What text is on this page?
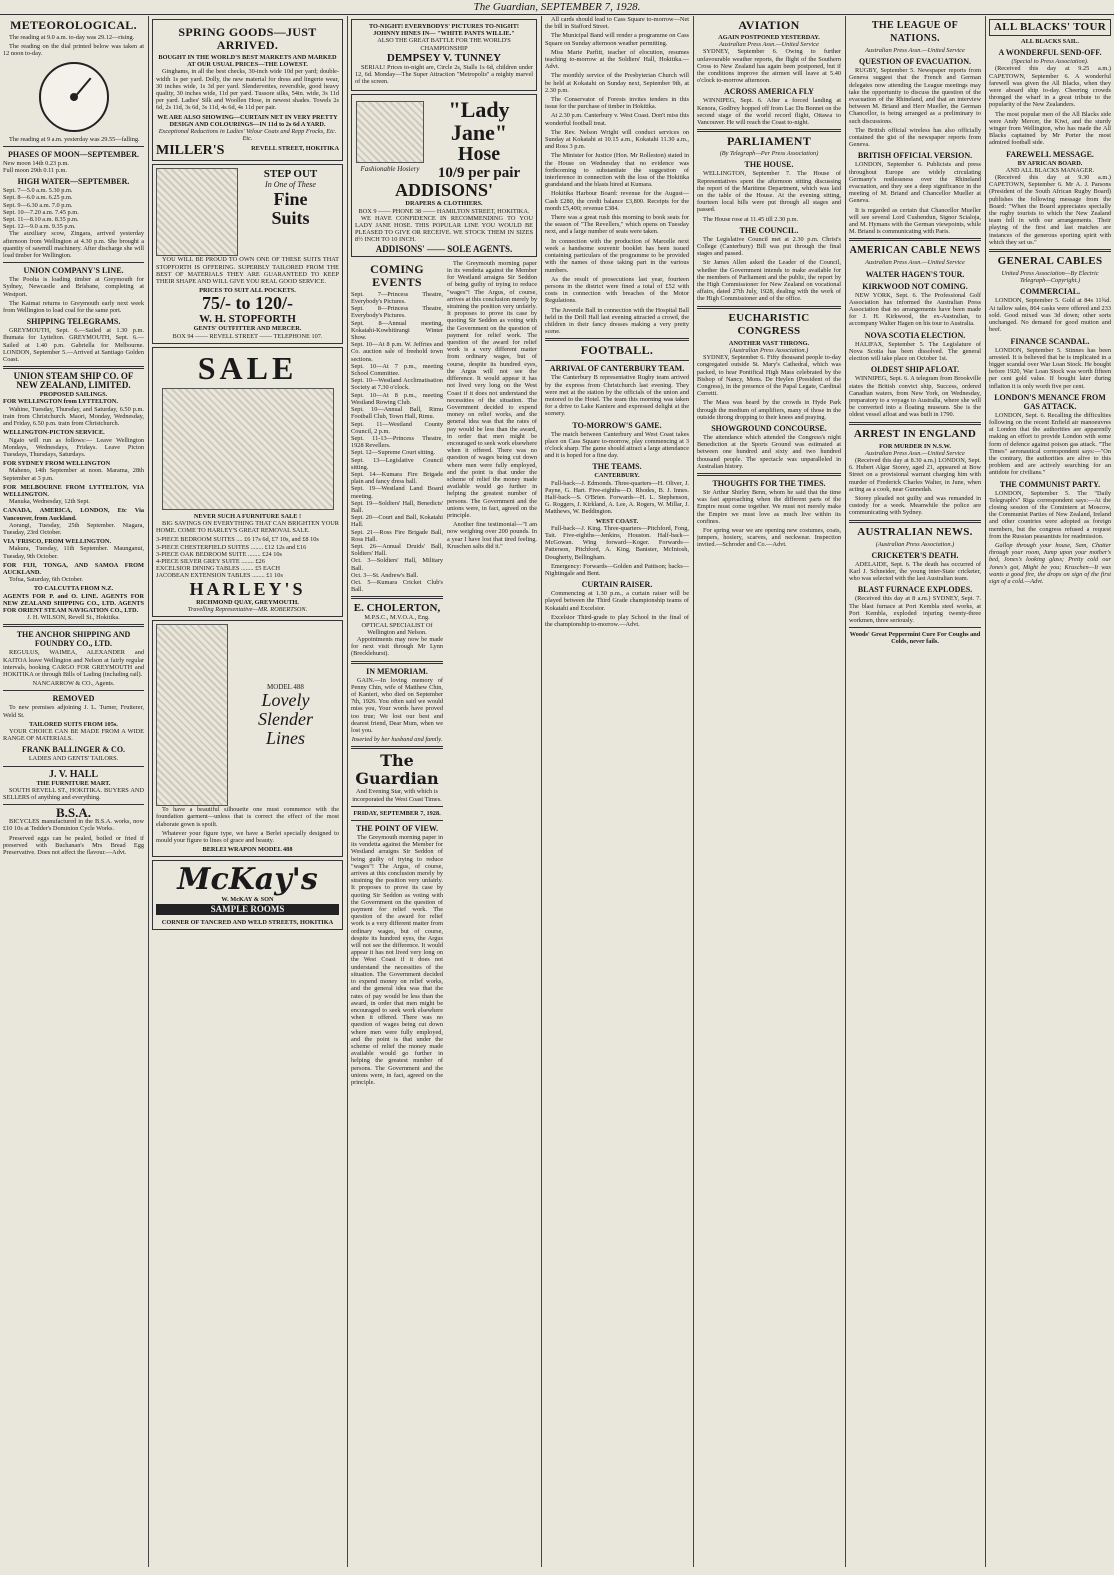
The Guardian, SEPTEMBER 7, 1928.
METEOROLOGICAL.

The reading at 9.0 a.m. to-day was 29.12—rising.

The reading on the dial printed below was taken at 12 noon to-day.

The reading at 9 a.m. yesterday was 29.55—falling.

PHASES OF MOON—SEPTEMBER.
New moon 14th 0.23 p.m.
Full moon 29th 0.11 p.m.
HIGH WATER—SEPTEMBER.
Sept. 7—5.0 a.m. 5.30 p.m.
Sept. 8—6.0 a.m. 6.25 p.m.
Sept. 9—6.30 a.m. 7.0 p.m.
Sept. 10—7.20 a.m. 7.45 p.m.
Sept. 11—8.10 a.m. 8.35 p.m.
Sept. 12—9.0 a.m. 9.35 p.m.

The auxiliary scow, Zingara, arrived yesterday afternoon from Wellington at 4.30 p.m. She brought a quantity of sawmill machinery. After discharge she will load timber for Wellington.

UNION COMPANY'S LINE.

The Poolta is loading timber at Greymouth for Sydney, Newcastle and Brisbane, completing at Westport.

The Kaimai returns to Greymouth early next week from Wellington to load coal for the same port.

SHIPPING TELEGRAMS.

GREYMOUTH, Sept. 6.—Sailed at 1.30 p.m. Ihumata for Lyttelton. GREYMOUTH, Sept. 6.—Sailed at 1.40 p.m. Gabriella for Melbourne. LONDON, September 5.—Arrived at Santiago Golden Coast.

UNION STEAM SHIP CO. OF NEW ZEALAND, LIMITED.
PROPOSED SAILINGS.
FOR WELLINGTON from LYTTELTON.

Wahine, Tuesday, Thursday, and Saturday, 6.50 p.m. train from Christchurch. Maori, Monday, Wednesday, and Friday, 6.50 p.m. train from Christchurch.

WELLINGTON-PICTON SERVICE.

Ngaio will run as follows:— Leave Wellington Mondays, Wednesdays, Fridays. Leave Picton Tuesdays, Thursdays, Saturdays.

FOR SYDNEY FROM WELLINGTON

Maheno, 14th September at noon. Marama, 28th September at 3 p.m.

FOR MELBOURNE FROM LYTTELTON, VIA WELLINGTON.

Manuka, Wednesday, 12th Sept.

CANADA, AMERICA, LONDON, Etc Via Vancouver, from Auckland.

Aorangi, Tuesday, 25th September. Niagara, Tuesday, 23rd October.

VIA 'FRISCO, FROM WELLINGTON.

Makura, Tuesday, 11th September. Maunganui, Tuesday, 9th October.

FOR FIJI, TONGA, AND SAMOA FROM AUCKLAND.

Tofua, Saturday, 6th October.

TO CALCUTTA FROM N.Z.
AGENTS FOR P. and O. LINE. AGENTS FOR NEW ZEALAND SHIPPING CO., LTD. AGENTS FOR ORIENT STEAM NAVIGATION CO., LTD.
J. H. WILSON, Revell St., Hokitika.
THE ANCHOR SHIPPING AND FOUNDRY CO., LTD.

REGULUS, WAIMEA, ALEXANDER and KAITOA leave Wellington and Nelson at fairly regular intervals, booking CARGO FOR GREYMOUTH and HOKITIKA or through Bills of Lading (including rail).

NANCARROW & CO., Agents.
REMOVED

To new premises adjoining J. L. Turner, Fruiterer, Weld St.

TAILORED SUITS FROM 105s.

YOUR CHOICE CAN BE MADE FROM A WIDE RANGE OF MATERIALS.

FRANK BALLINGER & CO.
LADIES AND GENTS' TAILORS.
J. V. HALL
THE FURNITURE MART.

SOUTH REVELL ST., HOKITIKA. BUYERS AND SELLERS of anything and everything.

B.S.A.

BICYCLES manufactured in the B.S.A. works, now £10 10s at Tedder's Dominion Cycle Works.

Preserved eggs can be pealed, boiled or fried if preserved with Buchanan's Mrs Bread Egg Preservative. Does not affect the flavour.—Advt.

SPRING GOODS—JUST ARRIVED.
BOUGHT IN THE WORLD'S BEST MARKETS AND MARKED AT OUR USUAL PRICES—THE LOWEST.

Ginghams, in all the best checks, 30-inch wide 10d per yard; double-width 1s per yard. Dolly, the new material for dress and lingerie wear, 30 inches wide, 1s 3d per yard. Slendervettes, reversible, good heavy quality, 30 inches wide, 11d per yard. Tussore silks, 54in. wide, 3s 11d per yard. Ladies' Silk and Woollen Hose, in newest shades. Towels 2s 6d, 2s 11d, 3s 6d, 3s 11d, 4s 6d, 4s 11d per pair.

WE ARE ALSO SHOWING—CURTAIN NET IN VERY PRETTY DESIGN AND COLOURINGS—IN 11d to 2s 6d A YARD.
Exceptional Reductions in Ladies' Velour Coats and Repp Frocks, Etc. Etc.
MILLER'S	REVELL STREET, HOKITIKA
STEP OUT
In One of These
Fine
Suits

YOU WILL BE PROUD TO OWN ONE OF THESE SUITS THAT STOPFORTH IS OFFERING. SUPERBLY TAILORED FROM THE BEST OF MATERIALS THEY ARE GUARANTEED TO KEEP THEIR SHAPE AND WILL GIVE YOU REAL GOOD SERVICE.

PRICES TO SUIT ALL POCKETS.
75/- to 120/-
W. H. STOPFORTH
GENTS' OUTFITTER AND MERCER.
BOX 94 —— REVELL STREET —— TELEPHONE 107.
SALE
NEVER SUCH A FURNITURE SALE !

BIG SAVINGS ON EVERYTHING THAT CAN BRIGHTEN YOUR HOME. COME TO HARLEY'S GREAT REMOVAL SALE.

3-PIECE BEDROOM SUITES .... £6 17s 6d, £7 10s, and £8 10s
3-PIECE CHESTERFIELD SUITES ........ £12 12s and £16
3-PIECE OAK BEDROOM SUITE ........ £24 10s
4-PIECE SILVER GREY SUITE ........ £26
EXCELSIOR DINING TABLES ........ £5 EACH
JACOBEAN EXTENSION TABLES ........ £1 10s
HARLEY'S
RICHMOND QUAY, GREYMOUTH.
Travelling Representative—MR. ROBERTSON.
MODEL 488
Lovely
Slender
Lines

To have a beautiful silhouette one must commence with the foundation garment—unless that is correct the effect of the most elaborate gown is spoilt.

Whatever your figure type, we have a Berlei specially designed to mould your figure to lines of grace and beauty.

BERLEI WRAPON MODEL 488
McKay's
W. McKAY & SON
SAMPLE ROOMS
CORNER OF TANCRED AND WELD STREETS, HOKITIKA
TO-NIGHT! EVERYBODYS' PICTURES TO-NIGHT!
JOHNNY HINES IN— "WHITE PANTS WILLIE."
ALSO THE GREAT BATTLE FOR THE WORLD'S CHAMPIONSHIP
DEMPSEY V. TUNNEY

SERIAL! Prices to-night are, Circle 2s, Stalls 1s 6d, children under 12, 6d. Monday—The Super Attraction "Metropolis" a mighty marvel of the screen.

Fashionable Hosiery
"Lady Jane"
Hose
10/9 per pair
ADDISONS'
DRAPERS & CLOTHIERS.
BOX 9 —— PHONE 38 —— HAMILTON STREET, HOKITIKA.

WE HAVE CONFIDENCE IN RECOMMENDING TO YOU LADY JANE HOSE. THIS POPULAR LINE YOU WOULD BE PLEASED TO GIVE OR RECEIVE. WE STOCK THEM IN SIZES 8½ INCH TO 10 INCH.

ADDISONS' —— SOLE AGENTS.
COMING EVENTS
Sept. 7—Princess Theatre, Everybody's Pictures.
Sept. 8—Princess Theatre, Everybody's Pictures.
Sept. 8—Annual meeting, Kokatahi-Kowhitirangi Winter Show.
Sept. 10—At 8 p.m. W. Jeffries and Co. auction sale of freehold town sections.
Sept. 10—At 7 p.m., meeting School Committee.
Sept. 10—Westland Acclimatisation Society at 7.30 o'clock.
Sept. 10—At 8 p.m., meeting Westland Rowing Club.
Sept. 10—Annual Ball, Rimu Football Club, Town Hall, Rimu.
Sept. 11—Westland County Council, 2 p.m.
Sept. 11-13—Princess Theatre, 1928 Revellers.
Sept. 12—Supreme Court sitting.
Sept. 13—Legislative Council sitting.
Sept. 14—Kumara Fire Brigade plain and fancy dress ball.
Sept. 19—Westland Land Board meeting.
Sept. 19—Soldiers' Hall, Benedicts' Ball.
Sept. 20—Court and Ball, Kokatahi Hall.
Sept. 21—Ross Fire Brigade Ball, Ross Hall.
Sept. 26—Annual Druids' Ball, Soldiers' Hall.
Oct. 3—Soldiers' Hall, Military Ball.
Oct. 3—St. Andrew's Ball.
Oct. 5—Kumara Cricket Club's Ball.
E. CHOLERTON,
M.P.S.C., M.V.O.A., Eng. OPTICAL SPECIALIST Of Wellington and Nelson.

Appointments may now be made for next visit through Mr Lynn (Brecklehurst).

IN MEMORIAM.

GAIN.—In loving memory of Penny Chin, wife of Matthew Chin, of Kanieri, who died on September 7th, 1926. You often said we would miss you, Your words have proved too true; We lost our best and dearest friend, Dear Mum, when we lost you.

Inserted by her husband and family.
The Guardian
And Evening Star, with which is incorporated the West Coast Times.
FRIDAY, SEPTEMBER 7, 1928.
THE POINT OF VIEW.

The Greymouth morning paper in its vendetta against the Member for Westland arraigns Sir Seddon of being guilty of trying to reduce "wages"! The Argus, of course, arrives at this conclusion merely by straining the position very unfairly. It proposes to prove its case by quoting Sir Seddon as voting with the Government on the question of payment for relief work. The question of the award for relief work is a very different matter from ordinary wages, but of course, despite its hundred eyes, the Argus will not see the difference. It would appear it has not lived very long on the West Coast if it does not understand the necessities of the situation. The Government decided to expend money on relief works, and the general idea was that the rates of pay would be less than the award, in order that men might be encouraged to seek work elsewhere when it offered. There was no question of wages being cut down where men were fully employed, and the point is that under the scheme of relief the money made available would go further in helping the greatest number of persons. The Government and the unions were, in fact, agreed on the principle.

The Greymouth morning paper in its vendetta against the Member for Westland arraigns Sir Seddon of being guilty of trying to reduce "wages"! The Argus, of course, arrives at this conclusion merely by straining the position very unfairly. It proposes to prove its case by quoting Sir Seddon as voting with the Government on the question of payment for relief work. The question of the award for relief work is a very different matter from ordinary wages, but of course, despite its hundred eyes, the Argus will not see the difference. It would appear it has not lived very long on the West Coast if it does not understand the necessities of the situation. The Government decided to expend money on relief works, and the general idea was that the rates of pay would be less than the award, in order that men might be encouraged to seek work elsewhere when it offered. There was no question of wages being cut down where men were fully employed, and the point is that under the scheme of relief the money made available would go further in helping the greatest number of persons. The Government and the unions were, in fact, agreed on the principle.

Another fine testimonial—"I am now weighing over 200 pounds. In a year I have lost that tired feeling. Kruschen salts did it."

All cards should lead to Cass Square to-morrow—Net the bill in Stafford Street.

The Municipal Band will render a programme on Cass Square on Sunday afternoon weather permitting.

Miss Marie Parfitt, teacher of elocution, resumes teaching to-morrow at the Soldiers' Hall, Hokitika.—Advt.

The monthly service of the Presbyterian Church will be held at Kokatahi on Sunday next, September 9th, at 2.30 p.m.

The Conservator of Forests invites tenders in this issue for the purchase of timber in Hokitika.

At 2.30 p.m. Canterbury v. West Coast. Don't miss this wonderful football treat.

The Rev. Nelson Wright will conduct services on Sunday at Kokatahi at 10.15 a.m., Kokatahi 11.30 a.m., and Ross 3 p.m.

The Minister for Justice (Hon. Mr Rolleston) stated in the House on Wednesday that no evidence was forthcoming to substantiate the suggestion of interference in connection with the loss of the Hokitika grandstand and the blasts hired at Kumara.

Hokitika Harbour Board: revenue for the August—Cash £280, the credit balance £3,800. Receipts for the month £5,400; revenue £384.

There was a great rush this morning to book seats for the season of "The Revellers," which opens on Tuesday next, and a large number of seats were taken.

In connection with the production of Marcelle next week a handsome souvenir booklet has been issued containing particulars of the programme to be provided with the names of those taking part in the various numbers.

As the result of prosecutions last year, fourteen persons in the district were fined a total of £52 with costs in connection with breaches of the Motor Regulations.

The Juvenile Ball in connection with the Hospital Ball held in the Drill Hall last evening attracted a crowd, the children in their fancy dresses making a very pretty scene.

FOOTBALL.
ARRIVAL OF CANTERBURY TEAM.

The Canterbury B representative Rugby team arrived by the express from Christchurch last evening. They were met at the station by the officials of the union and motored to the Hotel. The team this morning was taken for a drive to Lake Kaniere and expressed delight at the scenery.

TO-MORROW'S GAME.

The match between Canterbury and West Coast takes place on Cass Square to-morrow, play commencing at 3 o'clock sharp. The game should attract a large attendance and it is hoped for a fine day.

THE TEAMS.
CANTERBURY.

Full-back—J. Edmonds. Three-quarters—H. Oliver, J. Payne, G. Hart. Five-eighths—D. Rhodes, B. J. Innes. Half-back—S. O'Brien. Forwards—H. L. Stephenson, G. Roggers, J. Kirkland, A. Lee, A. Rogers, W. Millar, J. Matthews, W. Beddington.

WEST COAST.

Full-back—J. King. Three-quarters—Pitchford, Fong, Tait. Five-eighths—Jenkins, Houston. Half-back—McGowan. Wing forward—Koger. Forwards—Patterson, Pitchford, A. King, Banister, McIntosh, Dougherty, Bellingham.

Emergency: Forwards—Golden and Pattison; backs—Nightingale and Bent.

CURTAIN RAISER.

Commencing at 1.30 p.m., a curtain raiser will be played between the Third Grade championship teams of Kokatahi and Excelsior.

Excelsior Third-grade to play School in the final of the championship to-morrow.—Advt.

AVIATION
AGAIN POSTPONED YESTERDAY.
Australian Press Assn.—United Service

SYDNEY, September 6. Owing to further unfavourable weather reports, the flight of the Southern Cross to New Zealand has again been postponed, but if the conditions improve the airmen will leave at 5.40 o'clock to-morrow afternoon.

ACROSS AMERICA FLY

WINNIPEG, Sept. 6. After a forced landing at Kenora, Godfrey hopped off from Lac Du Bonnet on the second stage of the world record flight, Ottawa to Vancouver. He will reach the Coast to-night.

PARLIAMENT
(By Telegraph—Per Press Association)
THE HOUSE.

WELLINGTON, September 7. The House of Representatives spent the afternoon sitting discussing the report of the Maritime Department, which was laid on the table of the House. At the evening sitting, fourteen local bills were put through all stages and passed.

The House rose at 11.45 till 2.30 p.m.

THE COUNCIL.

The Legislative Council met at 2.30 p.m. Christ's College (Canterbury) Bill was put through the final stages and passed.

Sir James Allen asked the Leader of the Council, whether the Government intends to make available for the members of Parliament and the public, the report by the High Commissioner for New Zealand on vocational affairs, dated 27th July, 1928, dealing with the work of the High Commissioner and of the office.

EUCHARISTIC CONGRESS
ANOTHER VAST THRONG.
(Australian Press Association.)

SYDNEY, September 6. Fifty thousand people to-day congregated outside St. Mary's Cathedral, which was packed, to hear Pontifical High Mass celebrated by the Bishop of Nancy, Mons. De Heylen (President of the Congress), in the presence of the Papal Legate, Cardinal Cerretti.

The Mass was heard by the crowds in Hyde Park through the medium of amplifiers, many of those in the outside throng dropping to their knees and praying.

SHOWGROUND CONCOURSE.

The attendance which attended the Congress's night Benediction at the Sports Ground was estimated at between one hundred and sixty and two hundred thousand people. The spectacle was unparalleled in Australian history.

THOUGHTS FOR THE TIMES.

Sir Arthur Shirley Benn, whom he said that the time was fast approaching when the different parts of the Empire must come together. We must not merely make the Empire we must love as much live within its confines.

For spring wear we are opening new costumes, coats, jumpers, hosiery, scarves, and neckwear. Inspection invited.—Schroder and Co.—Advt.

THE LEAGUE OF NATIONS.
Australian Press Assn.—United Service
QUESTION OF EVACUATION.

RUGBY, September 5. Newspaper reports from Geneva suggest that the French and German delegates now attending the League meetings may take the opportunity to discuss the question of the evacuation of the Rhineland, and that an interview between M. Briand and Herr Mueller, the German Chancellor, is being arranged as a preliminary to such discussions.

The British official wireless has also officially contained the gist of the newspaper reports from Geneva.

BRITISH OFFICIAL VERSION.

LONDON, September 6. Publicists and press throughout Europe are widely circulating Germany's restlessness over the Rhineland evacuation, and they see a deep significance in the meeting of M. Briand and Chancellor Mueller at Geneva.

It is regarded as certain that Chancellor Mueller will see several Lord Cushendun, Signor Scialoja, and M. Hymans with the German viewpoints, while M. Briand is communicating with Paris.

AMERICAN CABLE NEWS
Australian Press Assn.—United Service
WALTER HAGEN'S TOUR.
KIRKWOOD NOT COMING.

NEW YORK, Sept. 6. The Professional Golf Association has informed the Australian Press Association that no arrangements have been made for J. H. Kirkwood, the ex-Australian, to accompany Walter Hagen on his tour to Australia.

NOVA SCOTIA ELECTION.

HALIFAX, September 5. The Legislature of Nova Scotia has been dissolved. The general election will take place on October 1st.

OLDEST SHIP AFLOAT.

WINNIPEG, Sept. 6. A telegram from Brookville states the British convict ship, Success, ordered Canadian waters, from New York, on Wednesday, preparatory to a voyage to Australia, where she will be converted into a floating museum. She is the oldest vessel afloat and was built in 1790.

ARREST IN ENGLAND
FOR MURDER IN N.S.W.
Australian Press Assn.—United Service

(Received this day at 8.30 a.m.) LONDON, Sept. 6. Hubert Algar Storey, aged 21, appeared at Bow Street on a provisional warrant charging him with murder of Frederick Charles Walter, in June, when acting as a cook, near Gunnedah.

Storey pleaded not guilty and was remanded in custody for a week. Meanwhile the police are communicating with Sydney.

AUSTRALIAN NEWS.
(Australian Press Association.)
CRICKETER'S DEATH.

ADELAIDE, Sept. 6. The death has occurred of Karl J. Schneider, the young inter-State cricketer, who was selected with the last Australian team.

BLAST FURNACE EXPLODES.

(Received this day at 8 a.m.) SYDNEY, Sept. 7. The blast furnace at Port Kembla steel works, at Port Kembla, exploded injuring twenty-three workmen, three seriously.

Woods' Great Peppermint Cure For Coughs and Colds, never fails.
ALL BLACKS' TOUR
ALL BLACKS SAIL.
A WONDERFUL SEND-OFF.
(Special to Press Association).

(Received this day at 9.25 a.m.) CAPETOWN, September 6. A wonderful farewell was given the All Blacks, when they were aboard ship to-day. Cheering crowds thronged the wharf in a great tribute to the popularity of the New Zealanders.

The most popular men of the All Blacks side were Andy Mercer, the Kiwi, and the sturdy winger from Wellington, who has made the All Blacks captained by Mr Porter the most admired football side.

FAREWELL MESSAGE.
BY AFRICAN BOARD.
AND ALL BLACKS MANAGER.

(Received this day at 9.30 a.m.) CAPETOWN, September 6. Mr A. J. Parsons (President of the South African Rugby Board) publishes the following message from the Board: "When the Board appreciates specially the rugby tourists to which the New Zealand team fell in with our arrangements. Their playing of the first and last matches are instances of the generous sporting spirit with which they set us."

GENERAL CABLES
United Press Association—By Electric Telegraph—Copyright.)
COMMERCIAL.

LONDON, September 5. Gold at 84s 11¾d. At tallow sales, 864 casks were offered and 233 sold. Good mixed was 3d down; other sorts unchanged. No demand for good mutton and beef.

FINANCE SCANDAL.

LONDON, September 5. Stinnes has been arrested. It is believed that he is implicated in a bigger scandal over War Loan Stock. He bought before 1920, War Loan Stock was worth fifteen per cent gold value. If bought later during inflation it is only worth five per cent.

LONDON'S MENANCE FROM GAS ATTACK.

LONDON, Sept. 6. Recalling the difficulties following on the recent Enfield air manoeuvres at London that the authorities are apparently making an effort to provide London with some form of defence against poison gas attack. "The Times" aeronautical correspondent says:—"On the contrary, the authorities are alive to this problem and are actively searching for an antidote for civilians."

THE COMMUNIST PARTY.

LONDON, September 5. The "Daily Telegraph's" Riga correspondent says:—At the closing session of the Comintern at Moscow, the Communist Parties of New Zealand, Ireland and other countries were adopted as foreign members, but the congress refused a request from the Russian peasantists for readmission.

Gallop through your house, Sam, Chatter through your room, Jump upon your mother's bed, Jones's looking glass; Pretty cold our Jones's got, Might be you; Kruschen—It was wants a good fire, the drops on sign of the first sign of a cold.—Advt.
